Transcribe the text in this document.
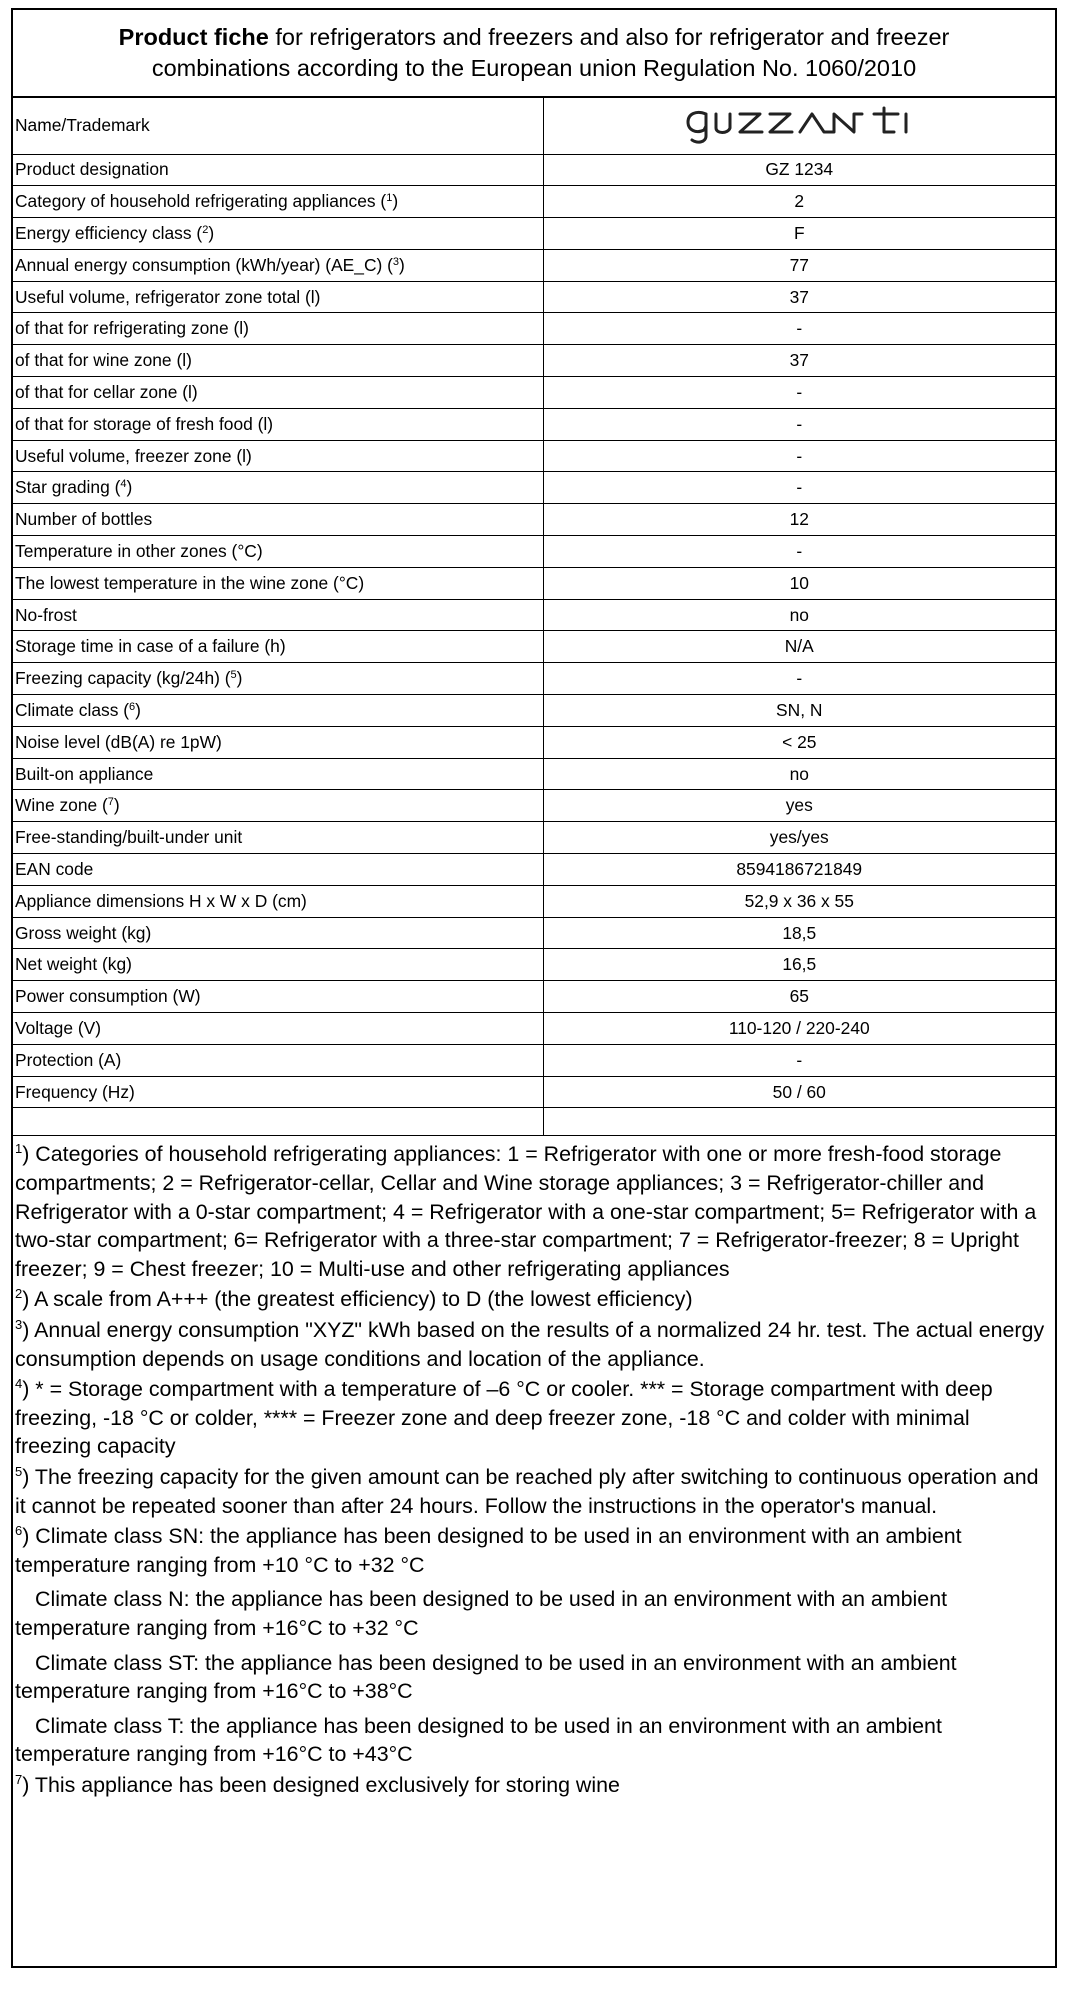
Product fiche for refrigerators and freezers and also for refrigerator and freezer
combinations according to the European union Regulation No. 1060/2010
Name/Trademark	

Product designation	GZ 1234
Category of household refrigerating appliances ($^1$)	2
Energy efficiency class ($^2$)	F
Annual energy consumption (kWh/year) (AE_C) ($^3$)	77
Useful volume, refrigerator zone total (l)	37
of that for refrigerating zone (l)	-
of that for wine zone (l)	37
of that for cellar zone (l)	-
of that for storage of fresh food (l)	-
Useful volume, freezer zone (l)	-
Star grading ($^4$)	-
Number of bottles	12
Temperature in other zones (°C)	-
The lowest temperature in the wine zone (°C)	10
No-frost	no
Storage time in case of a failure (h)	N/A
Freezing capacity (kg/24h) ($^5$)	-
Climate class ($^6$)	SN, N
Noise level (dB(A) re 1pW)	< 25
Built-on appliance	no
Wine zone ($^7$)	yes
Free-standing/built-under unit	yes/yes
EAN code	8594186721849
Appliance dimensions H x W x D (cm)	52,9 x 36 x 55
Gross weight (kg)	18,5
Net weight (kg)	16,5
Power consumption (W)	65
Voltage (V)	110-120 / 220-240
Protection (A)	-
Frequency (Hz)	50 / 60

$^1$) Categories of household refrigerating appliances: 1 = Refrigerator with one or more fresh-food storage compartments; 2 = Refrigerator-cellar, Cellar and Wine storage appliances; 3 = Refrigerator-chiller and Refrigerator with a 0-star compartment; 4 = Refrigerator with a one-star compartment; 5= Refrigerator with a two-star compartment; 6= Refrigerator with a three-star compartment; 7 = Refrigerator-freezer; 8 = Upright freezer; 9 = Chest freezer; 10 = Multi-use and other refrigerating appliances

$^2$) A scale from A+++ (the greatest efficiency) to D (the lowest efficiency)

$^3$) Annual energy consumption "XYZ" kWh based on the results of a normalized 24 hr. test. The actual energy consumption depends on usage conditions and location of the appliance.

$^4$) * = Storage compartment with a temperature of –6 °C or cooler. *** = Storage compartment with deep freezing, -18 °C or colder, **** = Freezer zone and deep freezer zone, -18 °C and colder with minimal freezing capacity

$^5$) The freezing capacity for the given amount can be reached ply after switching to continuous operation and it cannot be repeated sooner than after 24 hours. Follow the instructions in the operator's manual.

$^6$) Climate class SN: the appliance has been designed to be used in an environment with an ambient temperature ranging from +10 °C to +32 °C

Climate class N: the appliance has been designed to be used in an environment with an ambient temperature ranging from +16°C to +32 °C

Climate class ST: the appliance has been designed to be used in an environment with an ambient temperature ranging from +16°C to +38°C

Climate class T: the appliance has been designed to be used in an environment with an ambient temperature ranging from +16°C to +43°C

$^7$) This appliance has been designed exclusively for storing wine
